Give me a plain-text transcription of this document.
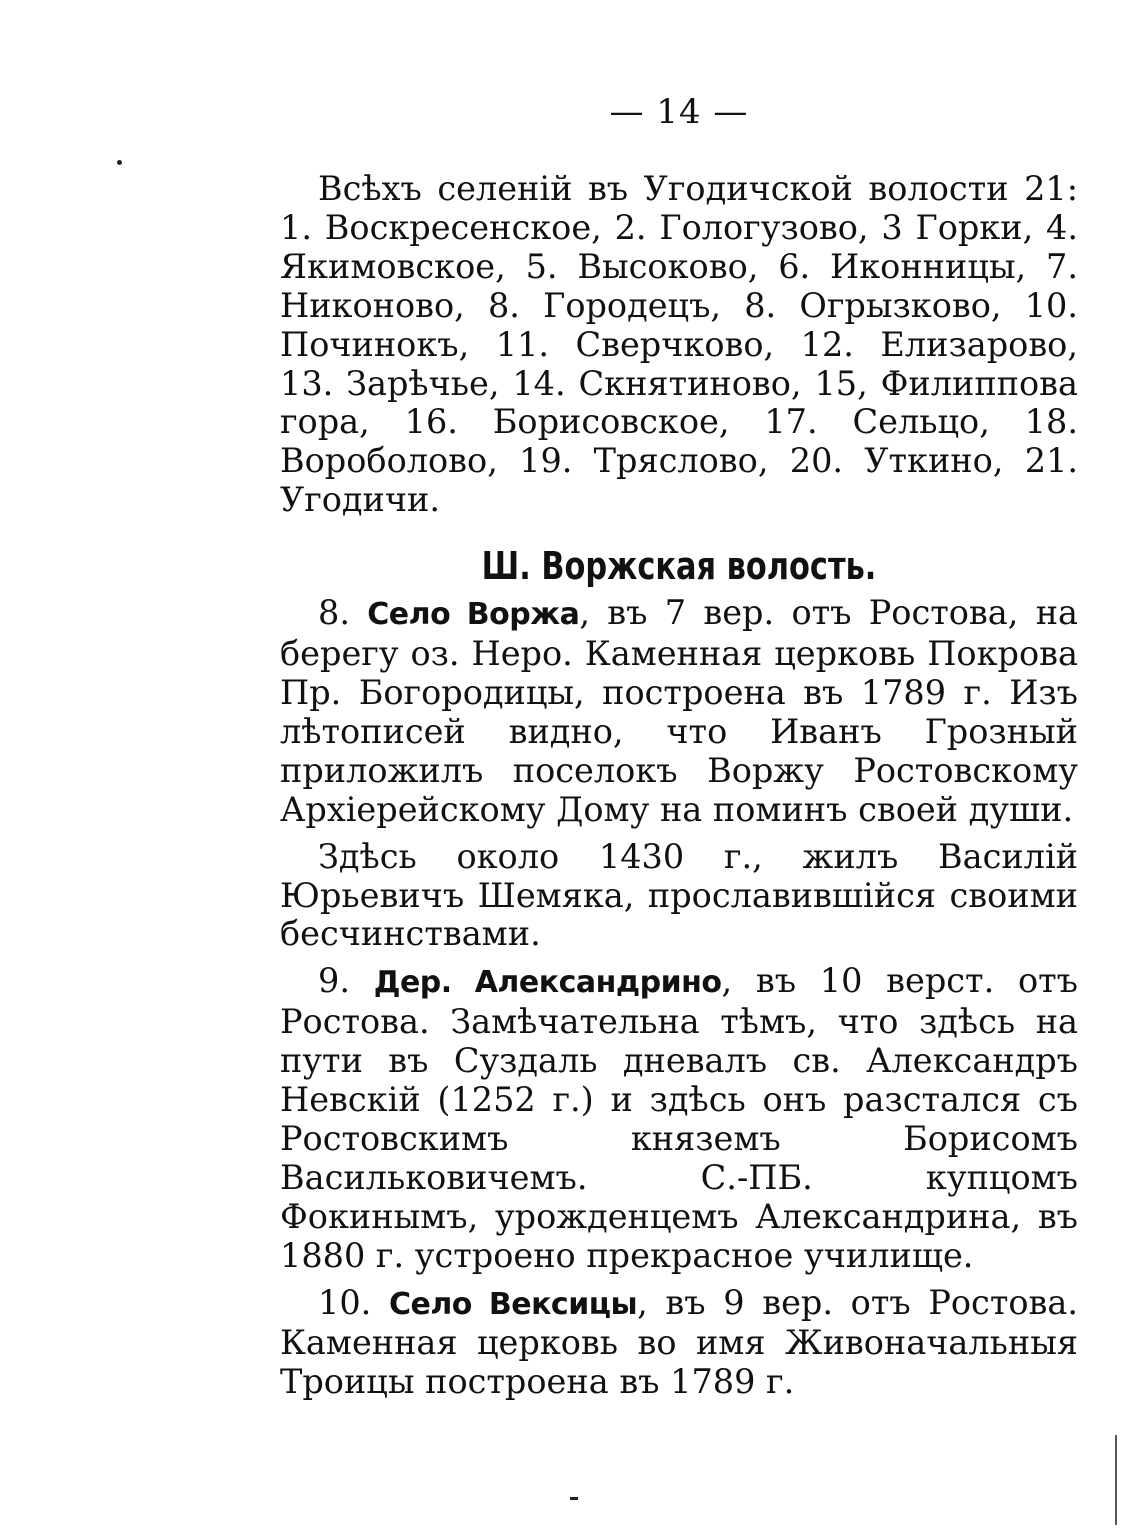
— 14 —

Всѣхъ селеній въ Угодичской волости 21: 1. Воскресенское, 2. Гологузово, 3 Горки, 4. Якимовское, 5. Высоково, 6. Иконницы, 7. Никоново, 8. Городецъ, 8. Огрызково, 10. Починокъ, 11. Сверчково, 12. Елизарово, 13. Зарѣчье, 14. Скнятиново, 15, Филиппова гора, 16. Борисовское, 17. Сельцо, 18. Воробoлово, 19. Тряслово, 20. Уткино, 21. Угодичи.

Ш. Воржская волость.

8. Село Воржа, въ 7 вер. отъ Ростова, на берегу оз. Неро. Каменная церковь Покрова Пр. Богородицы, построена въ 1789 г. Изъ лѣтописей видно, что Иванъ Грозный приложилъ поселокъ Воржу Ростовскому Архіерейскому Дому на поминъ своей души.

Здѣсь около 1430 г., жилъ Василій Юрьевичъ Шемяка, прославившійся своими бесчинствами.

9. Дер. Александрино, въ 10 верст. отъ Ростова. Замѣчательна тѣмъ, что здѣсь на пути въ Суздаль дневалъ св. Александръ Невскій (1252 г.) и здѣсь онъ разстался съ Ростовскимъ княземъ Борисомъ Васильковичемъ. С.-ПБ. купцомъ Фокинымъ, урожденцемъ Александрина, въ 1880 г. устроено прекрасное училище.

10. Село Вексицы, въ 9 вер. отъ Ростова. Каменная церковь во имя Живоначальныя Троицы построена въ 1789 г.
